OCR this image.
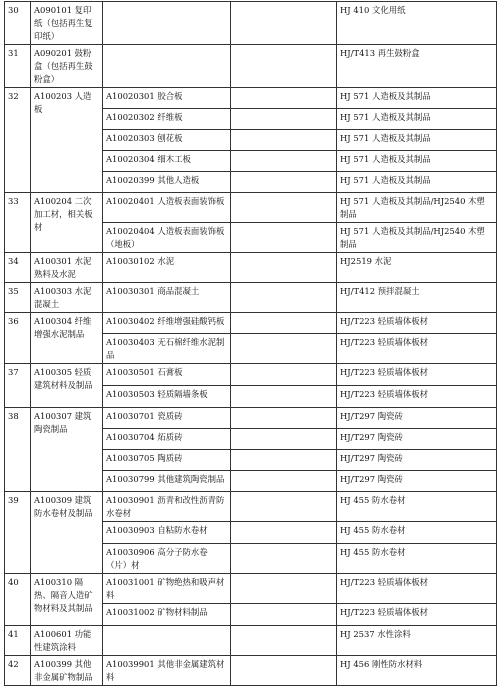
30	A090101 复印纸（包括再生复印纸）			HJ 410 文化用纸
31	A090201 鼓粉盒（包括再生鼓粉盒）			HJ/T413 再生鼓粉盒
32	A100203 人造板	A10020301 胶合板		HJ 571 人造板及其制品
		A10020302 纤维板		HJ 571 人造板及其制品
		A10020303 刨花板		HJ 571 人造板及其制品
		A10020304 细木工板		HJ 571 人造板及其制品
		A10020399 其他人造板		HJ 571 人造板及其制品
33	A100204 二次加工材，相关板材	A10020401 人造板表面装饰板		HJ 571 人造板及其制品/HJ2540 木塑制品
		A10020404 人造板表面装饰板（地板）		HJ 571 人造板及其制品/HJ2540 木塑制品
34	A100301 水泥熟料及水泥	A10030102 水泥		HJ2519 水泥
35	A100303 水泥混凝土	A10030301 商品混凝土		HJ/T412 预拌混凝土
36	A100304 纤维增强水泥制品	A10030402 纤维增强硅酸钙板		HJ/T223 轻质墙体板材
		A10030403 无石棉纤维水泥制品		HJ/T223 轻质墙体板材
37	A100305 轻质建筑材料及制品	A10030501 石膏板		HJ/T223 轻质墙体板材
		A10030503 轻质隔墙条板		HJ/T223 轻质墙体板材
38	A100307 建筑陶瓷制品	A10030701 瓷质砖		HJ/T297 陶瓷砖
		A10030704 炻质砖		HJ/T297 陶瓷砖
		A10030705 陶质砖		HJ/T297 陶瓷砖
		A10030799 其他建筑陶瓷制品		HJ/T297 陶瓷砖
39	A100309 建筑防水卷材及制品	A10030901 沥青和改性沥青防水卷材		HJ 455 防水卷材
		A10030903 自粘防水卷材		HJ 455 防水卷材
		A10030906 高分子防水卷（片）材		HJ 455 防水卷材
40	A100310 隔热、隔音人造矿物材料及其制品	A10031001 矿物绝热和吸声材料		HJ/T223 轻质墙体板材
		A10031002 矿物材料制品		HJ/T223 轻质墙体板材
41	A100601 功能性建筑涂料			HJ 2537 水性涂料
42	A100399 其他非金属矿物制品	A10039901 其他非金属建筑材料		HJ 456 刚性防水材料
